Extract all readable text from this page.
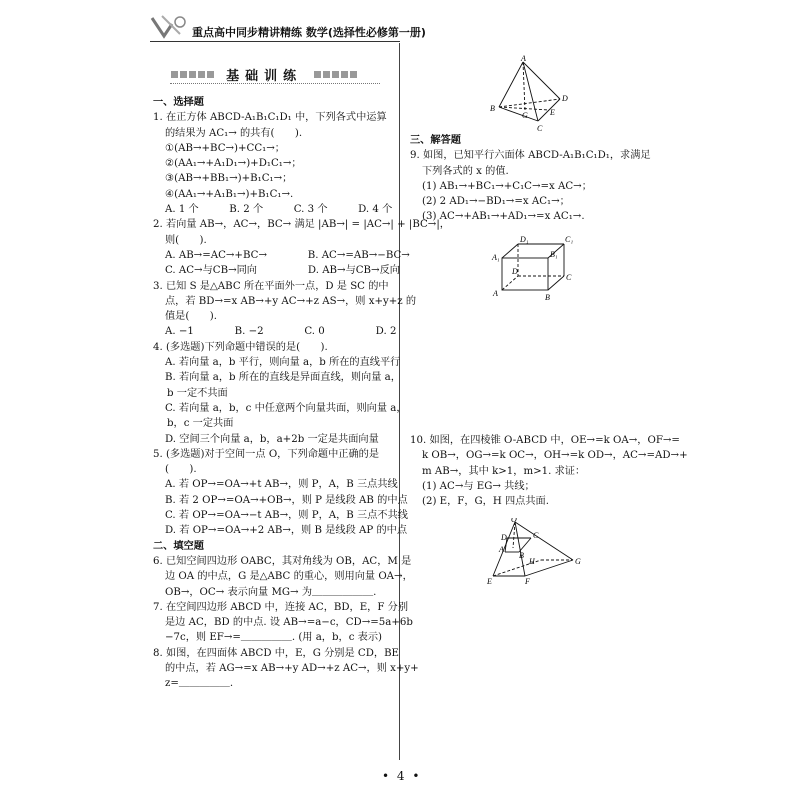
重点高中同步精讲精练 数学(选择性必修第一册)
基础训练

一、选择题

1. 在正方体 ABCD-A₁B₁C₁D₁ 中，下列各式中运算

的结果为 AC₁→ 的共有(　　).

①(AB→+BC→)+CC₁→；

②(AA₁→+A₁D₁→)+D₁C₁→；

③(AB→+BB₁→)+B₁C₁→；

④(AA₁→+A₁B₁→)+B₁C₁→.

A. 1 个　　　B. 2 个　　　C. 3 个　　　D. 4 个

2. 若向量 AB→，AC→，BC→ 满足 |AB→| = |AC→| + |BC→|，

则(　　).

A. AB→=AC→+BC→　　　　B. AC→=AB→−BC→

C. AC→与CB→同向　　　　　D. AB→与CB→反向

3. 已知 S 是△ABC 所在平面外一点，D 是 SC 的中

点，若 BD→=x AB→+y AC→+z AS→，则 x+y+z 的

值是(　　).

A. −1　　　　B. −2　　　　C. 0　　　　　D. 2

4. (多选题)下列命题中错误的是(　　).

A. 若向量 a，b 平行，则向量 a，b 所在的直线平行

B. 若向量 a，b 所在的直线是异面直线，则向量 a，

b 一定不共面

C. 若向量 a，b，c 中任意两个向量共面，则向量 a，

b，c 一定共面

D. 空间三个向量 a，b，a+2b 一定是共面向量

5. (多选题)对于空间一点 O，下列命题中正确的是

(　　).

A. 若 OP→=OA→+t AB→，则 P，A，B 三点共线

B. 若 2 OP→=OA→+OB→，则 P 是线段 AB 的中点

C. 若 OP→=OA→−t AB→，则 P，A，B 三点不共线

D. 若 OP→=OA→+2 AB→，则 B 是线段 AP 的中点

二、填空题

6. 已知空间四边形 OABC，其对角线为 OB，AC，M 是

边 OA 的中点，G 是△ABC 的重心，则用向量 OA→，

OB→，OC→ 表示向量 MG→ 为＿＿＿＿＿＿.

7. 在空间四边形 ABCD 中，连接 AC，BD，E，F 分别

是边 AC，BD 的中点. 设 AB→=a−c，CD→=5a+6b

−7c，则 EF→=＿＿＿＿＿. (用 a，b，c 表示)

8. 如图，在四面体 ABCD 中，E，G 分别是 CD，BE

的中点，若 AG→=x AB→+y AD→+z AC→，则 x+y+

z=＿＿＿＿＿.

A
B
C
D
E
G

三、解答题

9. 如图，已知平行六面体 ABCD-A₁B₁C₁D₁，求满足

下列各式的 x 的值.

(1) AB₁→+BC₁→+C₁C→=x AC→；

(2) 2 AD₁→−BD₁→=x AC₁→；

(3) AC→+AB₁→+AD₁→=x AC₁→.

D₁	C₁
A₁	B₁
D
C
A	B

10. 如图，在四棱锥 O-ABCD 中，OE→=k OA→，OF→=

k OB→，OG→=k OC→，OH→=k OD→，AC→=AD→+

m AB→，其中 k>1，m>1. 求证：

(1) AC→与 EG→ 共线；

(2) E，F，G，H 四点共面.

O
D
A
B
C
H
E	F
G
• 4 •
